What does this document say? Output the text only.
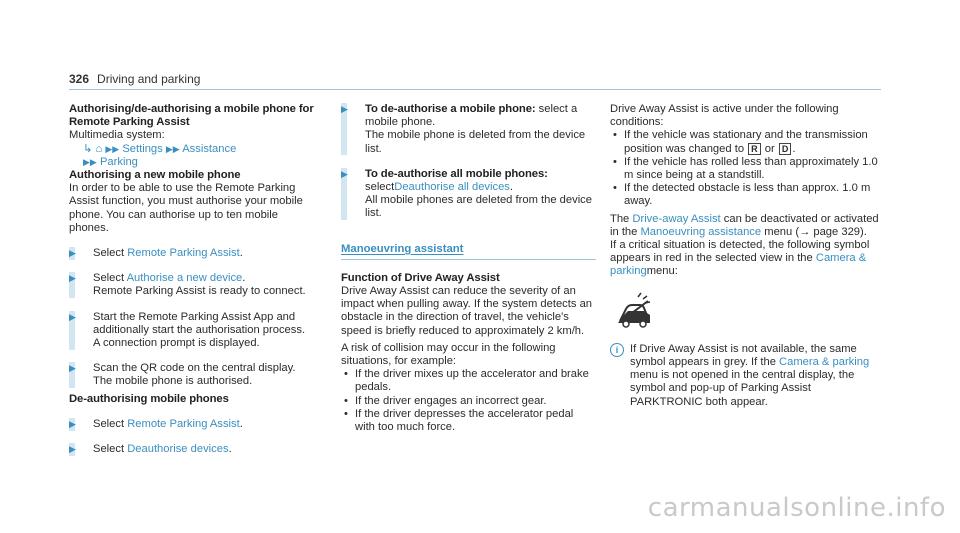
326 Driving and parking
Authorising/de-authorising a mobile phone for Remote Parking Assist
Multimedia system:
↳ ⌂ ▶▶ Settings ▶▶ Assistance
▶▶ Parking
Authorising a new mobile phone
In order to be able to use the Remote Parking Assist function, you must authorise your mobile phone. You can authorise up to ten mobile phones.
▶ Select Remote Parking Assist.
▶ Select Authorise a new device.
Remote Parking Assist is ready to connect.
▶ Start the Remote Parking Assist App and additionally start the authorisation process.
A connection prompt is displayed.
▶ Scan the QR code on the central display.
The mobile phone is authorised.
De-authorising mobile phones
▶ Select Remote Parking Assist.
▶ Select Deauthorise devices.
▶ To de-authorise a mobile phone: select a mobile phone.
The mobile phone is deleted from the device list.
▶ To de-authorise all mobile phones:
selectDeauthorise all devices.
All mobile phones are deleted from the device list.
Manoeuvring assistant
Function of Drive Away Assist
Drive Away Assist can reduce the severity of an impact when pulling away. If the system detects an obstacle in the direction of travel, the vehicle's speed is briefly reduced to approximately 2 km/h.
A risk of collision may occur in the following situations, for example:
• If the driver mixes up the accelerator and brake pedals.
• If the driver engages an incorrect gear.
• If the driver depresses the accelerator pedal with too much force.
Drive Away Assist is active under the following conditions:
• If the vehicle was stationary and the transmission position was changed to R or D .
• If the vehicle has rolled less than approximately 1.0 m since being at a standstill.
• If the detected obstacle is less than approx. 1.0 m away.
The Drive-away Assist can be deactivated or activated in the Manoeuvring assistance menu (→ page 329).
If a critical situation is detected, the following symbol appears in red in the selected view in the Camera & parkingmenu:
i	If Drive Away Assist is not available, the same symbol appears in grey. If the Camera & parking menu is not opened in the central display, the symbol and pop-up of Parking Assist PARKTRONIC both appear.
carmanualsonline.info
